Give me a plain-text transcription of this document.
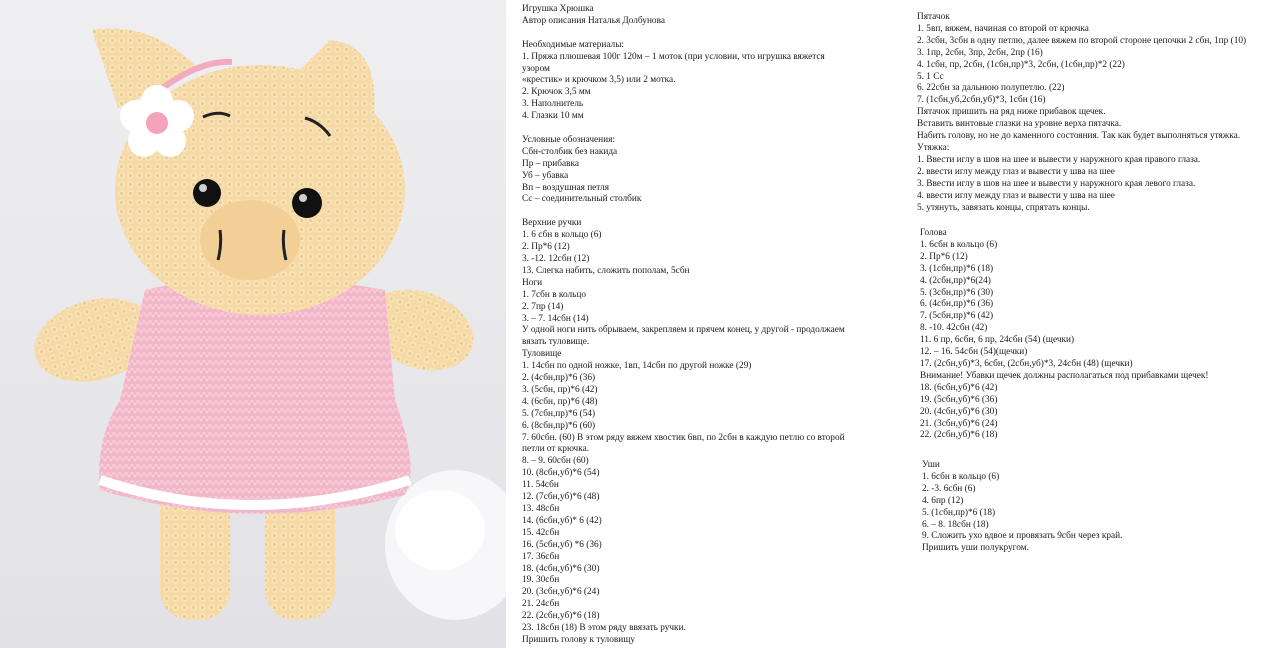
Игрушка Хрюшка
Автор описания Наталья Долбунова
Необходимые материалы:
1. Пряжа плюшевая 100г 120м – 1 моток (при условии, что игрушка вяжется
узором
«крестик» и крючком 3,5) или 2 мотка.
2. Крючок 3,5 мм
3. Наполнитель
4. Глазки 10 мм
Условные обозначения:
Сбн-столбик без накида
Пр – прибавка
Уб – убавка
Вп – воздушная петля
Сс – соединительный столбик
Верхние ручки
1. 6 сбн в кольцо (6)
2. Пр*6 (12)
3. -12. 12сбн (12)
13. Слегка набить, сложить пополам, 5сбн
Ноги
1. 7сбн в кольцо
2. 7пр (14)
3. – 7. 14сбн (14)
У одной ноги нить обрываем, закрепляем и прячем конец, у другой - продолжаем
вязать туловище.
Туловище
1. 14сбн по одной ножке, 1вп, 14сбн по другой ножке (29)
2. (4сбн,пр)*6 (36)
3. (5сбн, пр)*6 (42)
4. (6сбн, пр)*6 (48)
5. (7сбн,пр)*6 (54)
6. (8сбн,пр)*6 (60)
7. 60сбн. (60) В этом ряду вяжем хвостик 6вп, по 2сбн в каждую петлю со второй
петли от крючка.
8. – 9. 60сбн (60)
10. (8сбн,уб)*6 (54)
11. 54сбн
12. (7сбн,уб)*6 (48)
13. 48сбн
14. (6сбн,уб)* 6 (42)
15. 42сбн
16. (5сбн,уб) *6 (36)
17. 36сбн
18. (4сбн,уб)*6 (30)
19. 30сбн
20. (3сбн,уб)*6 (24)
21. 24сбн
22. (2сбн,уб)*6 (18)
23. 18сбн (18) В этом ряду ввязать ручки.
Пришить голову к туловищу
Пятачок
1. 5вп, вяжем, начиная со второй от крючка
2. 3сбн, 3сбн в одну петлю, далее вяжем по второй стороне цепочки 2 сбн, 1пр (10)
3. 1пр, 2сбн, 3пр, 2сбн, 2пр (16)
4. 1сбн, пр, 2сбн, (1сбн,пр)*3, 2сбн, (1сбн,пр)*2 (22)
5. 1 Сс
6. 22сбн за дальнюю полупетлю. (22)
7. (1сбн,уб,2сбн,уб)*3, 1сбн (16)
Пятачок пришить на ряд ниже прибавок щечек.
Вставить винтовые глазки на уровне верха пятачка.
Набить голову, но не до каменного состояния. Так как будет выполняться утяжка.
Утяжка:
1. Ввести иглу в шов на шее и вывести у наружного края правого глаза.
2. ввести иглу между глаз и вывести у шва на шее
3. Ввести иглу в шов на шее и вывести у наружного края левого глаза.
4. ввести иглу между глаз и вывести у шва на шее
5. утянуть, завязать концы, спрятать концы.
Голова
1. 6сбн в кольцо (6)
2. Пр*6 (12)
3. (1сбн,пр)*6 (18)
4. (2сбн,пр)*6(24)
5. (3сбн,пр)*6 (30)
6. (4сбн,пр)*6 (36)
7. (5сбн,пр)*6 (42)
8. -10. 42сбн (42)
11. 6 пр, 6сбн, 6 пр, 24сбн (54) (щечки)
12. – 16. 54сбн (54)(щечки)
17. (2сбн,уб)*3, 6сбн, (2сбн,уб)*3, 24сбн (48) (щечки)
Внимание! Убавки щечек должны располагаться под прибавками щечек!
18. (6сбн,уб)*6 (42)
19. (5сбн,уб)*6 (36)
20. (4сбн,уб)*6 (30)
21. (3сбн,уб)*6 (24)
22. (2сбн,уб)*6 (18)
Уши
1. 6сбн в кольцо (6)
2. -3. 6сбн (6)
4. 6пр (12)
5. (1сбн,пр)*6 (18)
6. – 8. 18сбн (18)
9. Сложить ухо вдвое и провязать 9сбн через край.
Пришить уши полукругом.
